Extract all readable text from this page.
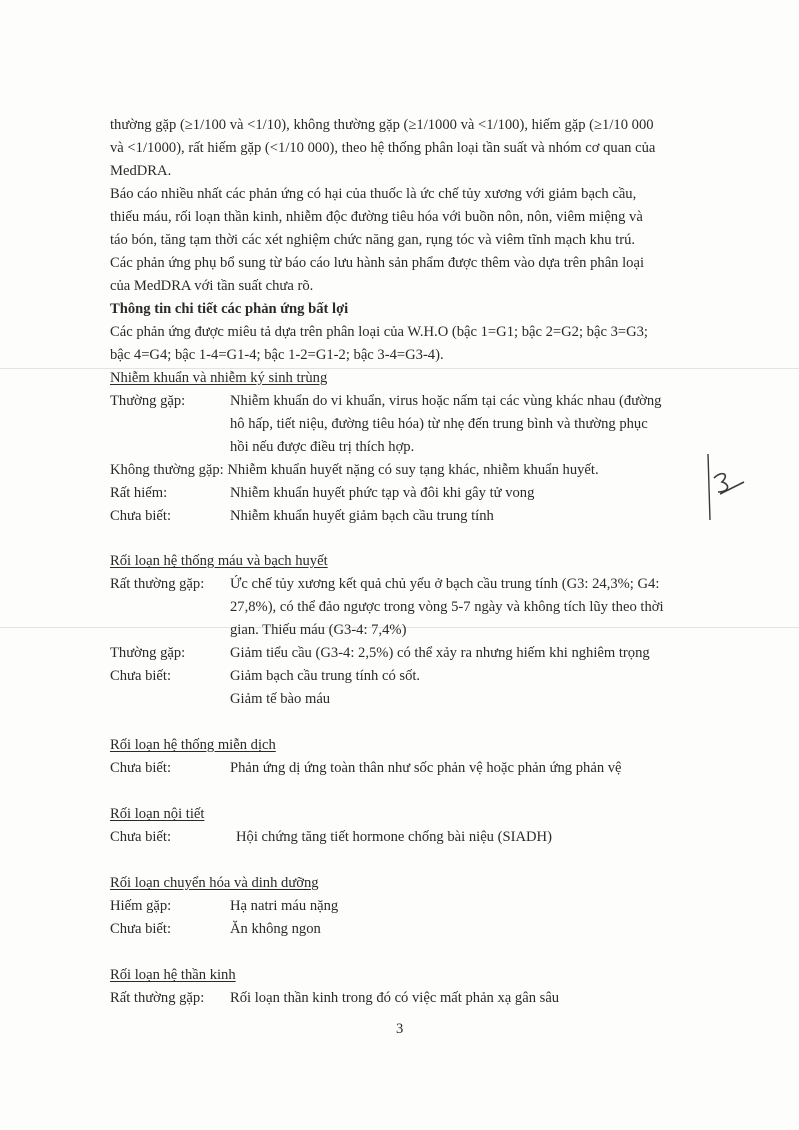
thường gặp (≥1/100 và <1/10), không thường gặp (≥1/1000 và <1/100), hiếm gặp (≥1/10 000
và <1/1000), rất hiếm gặp (<1/10 000), theo hệ thống phân loại tần suất và nhóm cơ quan của
MedDRA.
Báo cáo nhiều nhất các phản ứng có hại của thuốc là ức chế tủy xương với giảm bạch cầu,
thiếu máu, rối loạn thần kinh, nhiễm độc đường tiêu hóa với buồn nôn, nôn, viêm miệng và
táo bón, tăng tạm thời các xét nghiệm chức năng gan, rụng tóc và viêm tĩnh mạch khu trú.
Các phản ứng phụ bổ sung từ báo cáo lưu hành sản phẩm được thêm vào dựa trên phân loại
của MedDRA với tần suất chưa rõ.
Thông tin chi tiết các phản ứng bất lợi
Các phản ứng được miêu tả dựa trên phân loại của W.H.O (bậc 1=G1; bậc 2=G2; bậc 3=G3;
bậc 4=G4; bậc 1-4=G1-4; bậc 1-2=G1-2; bậc 3-4=G3-4).
Nhiễm khuẩn và nhiễm ký sinh trùng
Thường gặp:	Nhiễm khuẩn do vi khuẩn, virus hoặc nấm tại các vùng khác nhau (đường
hô hấp, tiết niệu, đường tiêu hóa) từ nhẹ đến trung bình và thường phục
hồi nếu được điều trị thích hợp.
Không thường gặp: Nhiễm khuẩn huyết nặng có suy tạng khác, nhiễm khuẩn huyết.
Rất hiếm:	Nhiễm khuẩn huyết phức tạp và đôi khi gây tử vong
Chưa biết:	Nhiễm khuẩn huyết giảm bạch cầu trung tính
Rối loạn hệ thống máu và bạch huyết
Rất thường gặp: Ức chế tủy xương kết quả chủ yếu ở bạch cầu trung tính (G3: 24,3%; G4:
27,8%), có thể đảo ngược trong vòng 5-7 ngày và không tích lũy theo thời
gian. Thiếu máu (G3-4: 7,4%)
Thường gặp:	Giảm tiểu cầu (G3-4: 2,5%) có thể xảy ra nhưng hiếm khi nghiêm trọng
Chưa biết:	Giảm bạch cầu trung tính có sốt.
Giảm tế bào máu
Rối loạn hệ thống miễn dịch
Chưa biết:	Phản ứng dị ứng toàn thân như sốc phản vệ hoặc phản ứng phản vệ
Rối loạn nội tiết
Chưa biết:	Hội chứng tăng tiết hormone chống bài niệu (SIADH)
Rối loạn chuyển hóa và dinh dưỡng
Hiếm gặp:	Hạ natri máu nặng
Chưa biết:	Ăn không ngon
Rối loạn hệ thần kinh
Rất thường gặp: Rối loạn thần kinh trong đó có việc mất phản xạ gân sâu
3
